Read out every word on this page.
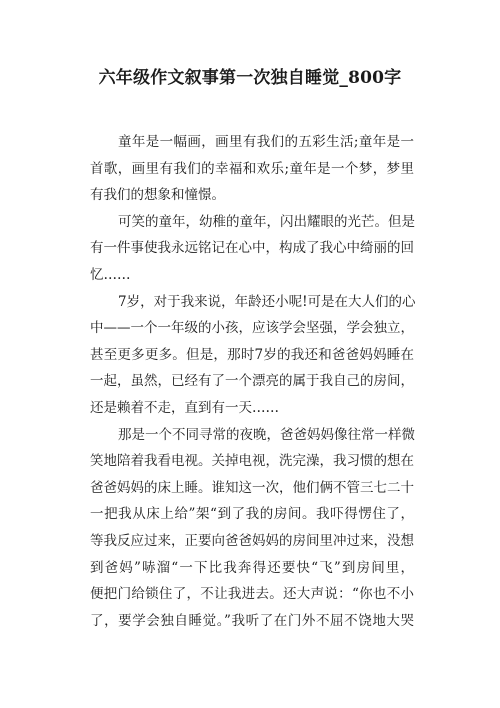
六年级作文叙事第一次独自睡觉_800字
童年是一幅画，画里有我们的五彩生活;童年是一
首歌，画里有我们的幸福和欢乐;童年是一个梦，梦里
有我们的想象和憧憬。
可笑的童年，幼稚的童年，闪出耀眼的光芒。但是
有一件事使我永远铭记在心中，构成了我心中绮丽的回
忆……
7岁，对于我来说，年龄还小呢!可是在大人们的心
中——一个一年级的小孩，应该学会坚强，学会独立，
甚至更多更多。但是，那时7岁的我还和爸爸妈妈睡在
一起，虽然，已经有了一个漂亮的属于我自己的房间，
还是赖着不走，直到有一天……
那是一个不同寻常的夜晚，爸爸妈妈像往常一样微
笑地陪着我看电视。关掉电视，洗完澡，我习惯的想在
爸爸妈妈的床上睡。谁知这一次，他们俩不管三七二十
一把我从床上给”架“到了我的房间。我吓得愣住了，
等我反应过来，正要向爸爸妈妈的房间里冲过来，没想
到爸妈”哧溜“一下比我奔得还要快“飞”到房间里，
便把门给锁住了，不让我进去。还大声说：“你也不小
了，要学会独自睡觉。”我听了在门外不屈不饶地大哭
